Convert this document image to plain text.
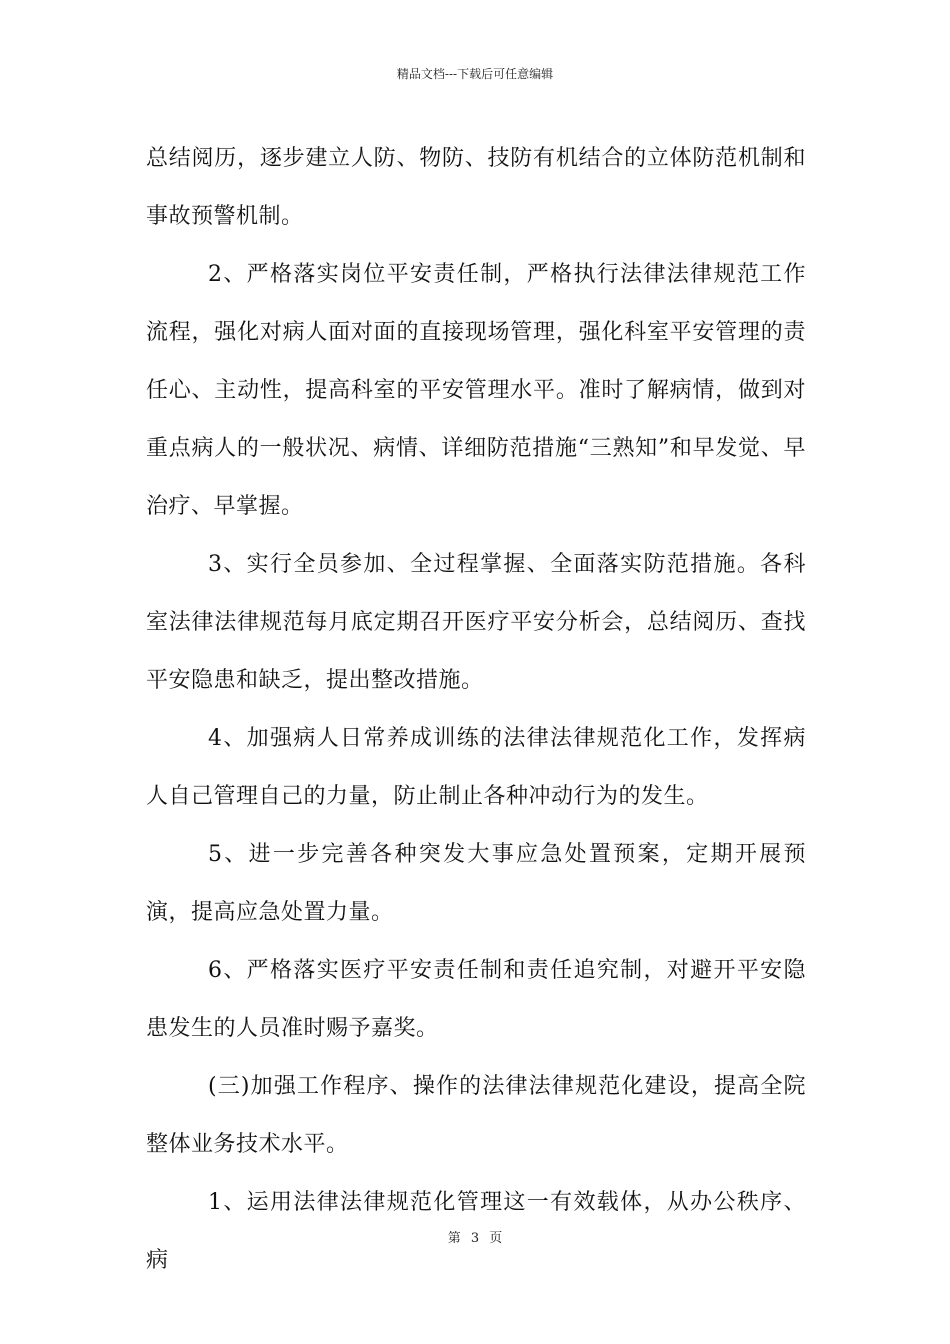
精品文档---下载后可任意编辑

总结阅历，逐步建立人防、物防、技防有机结合的立体防范机制和事故预警机制。

2、严格落实岗位平安责任制，严格执行法律法律规范工作流程，强化对病人面对面的直接现场管理，强化科室平安管理的责任心、主动性，提高科室的平安管理水平。准时了解病情，做到对重点病人的一般状况、病情、详细防范措施“三熟知”和早发觉、早治疗、早掌握。

3、实行全员参加、全过程掌握、全面落实防范措施。各科室法律法律规范每月底定期召开医疗平安分析会，总结阅历、查找平安隐患和缺乏，提出整改措施。

4、加强病人日常养成训练的法律法律规范化工作，发挥病人自己管理自己的力量，防止制止各种冲动行为的发生。

5、进一步完善各种突发大事应急处置预案，定期开展预演，提高应急处置力量。

6、严格落实医疗平安责任制和责任追究制，对避开平安隐患发生的人员准时赐予嘉奖。

(三)加强工作程序、操作的法律法律规范化建设，提高全院整体业务技术水平。

1、运用法律法律规范化管理这一有效载体，从办公秩序、病

第 3 页
